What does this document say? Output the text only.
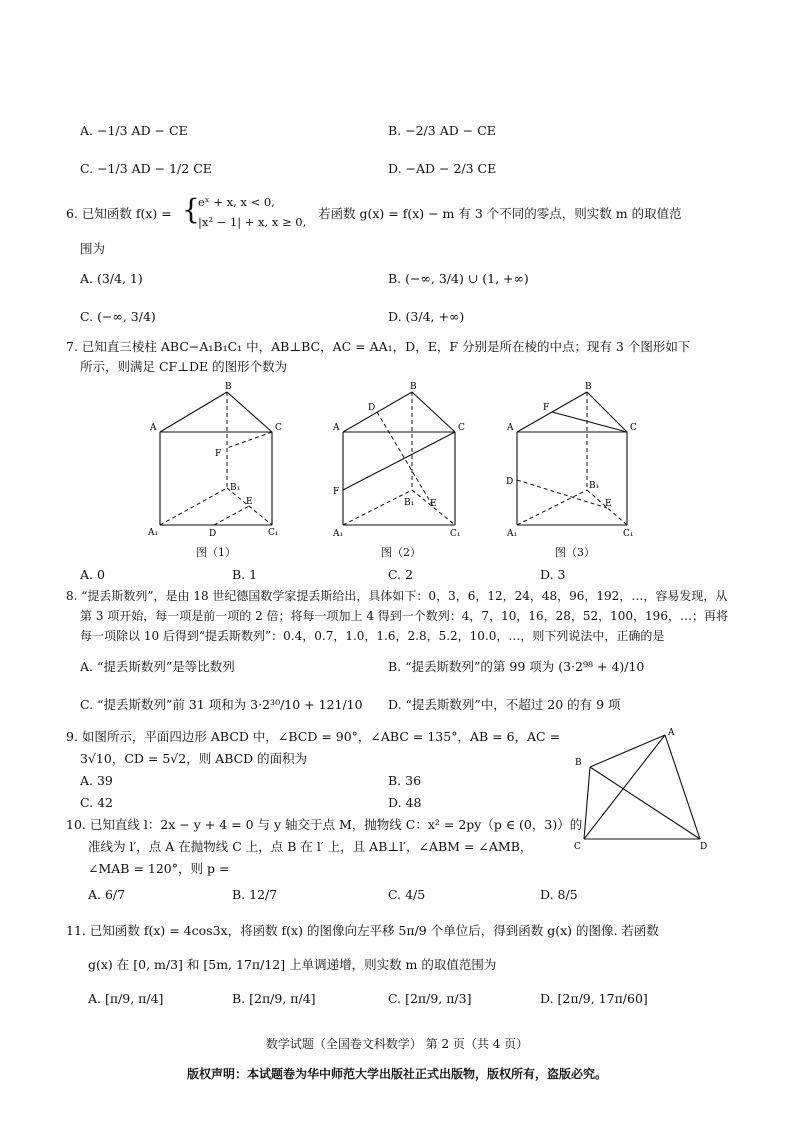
A. −1/3 AD − CE	B. −2/3 AD − CE
C. −1/3 AD − 1/2 CE	D. −AD − 2/3 CE
6. 已知函数 f(x) = {
eˣ + x, x < 0,
|x² − 1| + x, x ≥ 0,
若函数 g(x) = f(x) − m 有 3 个不同的零点，则实数 m 的取值范
围为
A. (3/4, 1)	B. (−∞, 3/4) ∪ (1, +∞)
C. (−∞, 3/4)	D. (3/4, +∞)
7. 已知直三棱柱 ABC−A₁B₁C₁ 中，AB⊥BC，AC = AA₁，D，E，F 分别是所在棱的中点；现有 3 个图形如下
所示，则满足 CF⊥DE 的图形个数为
A
B
C
F
B₁
E
A₁	D	C₁
图（1）
A
B
C
D
F
B₁ E
A₁	C₁
图（2）
A
B
C
F
D	B₁
E
A₁	C₁
图（3）
A. 0	B. 1	C. 2	D. 3
8. “提丢斯数列”，是由 18 世纪德国数学家提丢斯给出，具体如下：0，3，6，12，24，48，96，192，…，容易发现，从
第 3 项开始，每一项是前一项的 2 倍；将每一项加上 4 得到一个数列：4，7，10，16，28，52，100，196，…；再将
每一项除以 10 后得到“提丢斯数列”：0.4，0.7，1.0，1.6，2.8，5.2，10.0，…，则下列说法中，正确的是
A. “提丢斯数列”是等比数列	B. “提丢斯数列”的第 99 项为 (3·2⁹⁸ + 4)/10
C. “提丢斯数列”前 31 项和为 3·2³⁰/10 + 121/10 D. “提丢斯数列”中，不超过 20 的有 9 项
9. 如图所示，平面四边形 ABCD 中，∠BCD = 90°，∠ABC = 135°，AB = 6，AC =
3√10，CD = 5√2，则 ABCD 的面积为
A. 39	B. 36
C. 42	D. 48
A
B
C	D
10. 已知直线 l：2x − y + 4 = 0 与 y 轴交于点 M，抛物线 C：x² = 2py（p ∈ (0，3)）的
准线为 l′，点 A 在抛物线 C 上，点 B 在 l′ 上，且 AB⊥l′，∠ABM = ∠AMB，
∠MAB = 120°，则 p =
A. 6/7	B. 12/7	C. 4/5	D. 8/5
11. 已知函数 f(x) = 4cos3x，将函数 f(x) 的图像向左平移 5π/9 个单位后，得到函数 g(x) 的图像. 若函数
g(x) 在 [0, m/3] 和 [5m, 17π/12] 上单调递增，则实数 m 的取值范围为
A. [π/9, π/4]	B. [2π/9, π/4]	C. [2π/9, π/3]	D. [2π/9, 17π/60]
数学试题（全国卷文科数学） 第 2 页（共 4 页）
版权声明：本试题卷为华中师范大学出版社正式出版物，版权所有，盗版必究。
